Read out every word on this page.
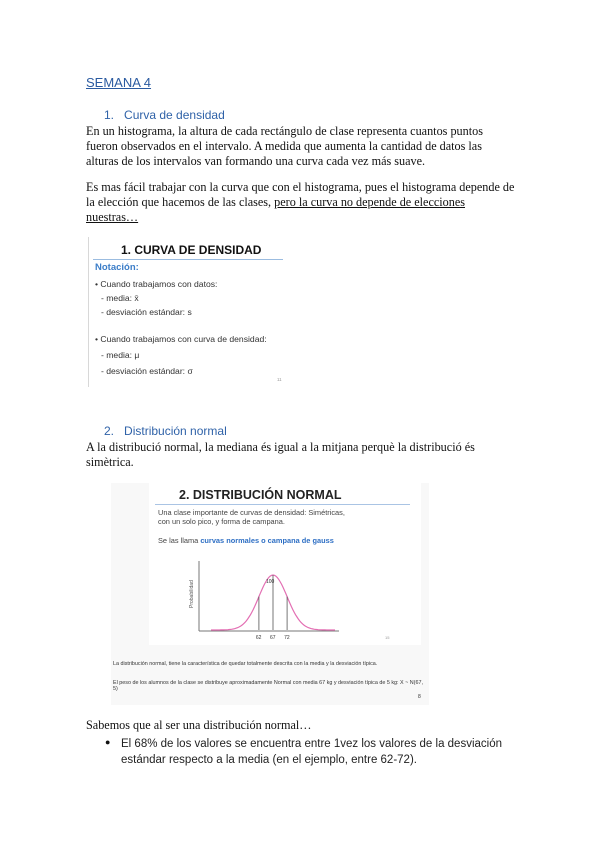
SEMANA 4
1. Curva de densidad
En un histograma, la altura de cada rectángulo de clase representa cuantos puntos fueron observados en el intervalo. A medida que aumenta la cantidad de datos las alturas de los intervalos van formando una curva cada vez más suave.
Es mas fácil trabajar con la curva que con el histograma, pues el histograma depende de la elección que hacemos de las clases, pero la curva no depende de elecciones nuestras…
1. CURVA DE DENSIDAD
Notación:
• Cuando trabajamos con datos:
- media: x̄
- desviación estándar: s
• Cuando trabajamos con curva de densidad:
- media: μ
- desviación estándar: σ
11
2. Distribución normal
A la distribució normal, la mediana és igual a la mitjana perquè la distribució és simètrica.
2. DISTRIBUCIÓN NORMAL
Una clase importante de curvas de densidad: Simétricas,
con un solo pico, y forma de campana.
Se las llama curvas normales o campana de gauss
Probabilidad	100
62 67 72	15
La distribución normal, tiene la característica de quedar totalmente descrita con la media y la desviación típica.
El peso de los alumnos de la clase se distribuye aproximadamente Normal con media 67 kg y desviación típica de 5 kg: X ~ N(67, 5)
8
Sabemos que al ser una distribución normal…
● El 68% de los valores se encuentra entre 1vez los valores de la desviación estándar respecto a la media (en el ejemplo, entre 62-72).
